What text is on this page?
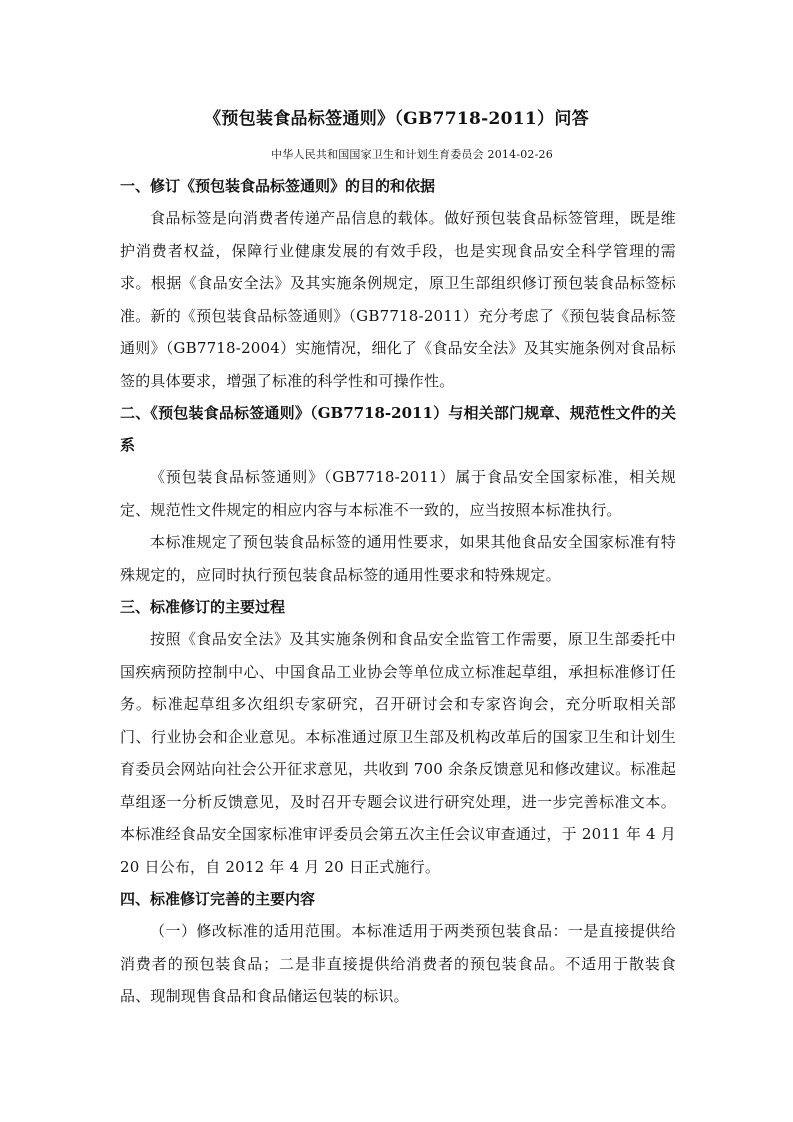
《预包装食品标签通则》（GB7718-2011）问答
中华人民共和国国家卫生和计划生育委员会 2014-02-26

一、修订《预包装食品标签通则》的目的和依据

食品标签是向消费者传递产品信息的载体。做好预包装食品标签管理，既是维护消费者权益，保障行业健康发展的有效手段，也是实现食品安全科学管理的需求。根据《食品安全法》及其实施条例规定，原卫生部组织修订预包装食品标签标准。新的《预包装食品标签通则》（GB7718-2011）充分考虑了《预包装食品标签通则》（GB7718-2004）实施情况，细化了《食品安全法》及其实施条例对食品标签的具体要求，增强了标准的科学性和可操作性。

二、《预包装食品标签通则》（GB7718-2011）与相关部门规章、规范性文件的关系

《预包装食品标签通则》（GB7718-2011）属于食品安全国家标准，相关规定、规范性文件规定的相应内容与本标准不一致的，应当按照本标准执行。

本标准规定了预包装食品标签的通用性要求，如果其他食品安全国家标准有特殊规定的，应同时执行预包装食品标签的通用性要求和特殊规定。

三、标准修订的主要过程

按照《食品安全法》及其实施条例和食品安全监管工作需要，原卫生部委托中国疾病预防控制中心、中国食品工业协会等单位成立标准起草组，承担标准修订任务。标准起草组多次组织专家研究，召开研讨会和专家咨询会，充分听取相关部门、行业协会和企业意见。本标准通过原卫生部及机构改革后的国家卫生和计划生育委员会网站向社会公开征求意见，共收到 700 余条反馈意见和修改建议。标准起草组逐一分析反馈意见，及时召开专题会议进行研究处理，进一步完善标准文本。本标准经食品安全国家标准审评委员会第五次主任会议审查通过，于 2011 年 4 月 20 日公布，自 2012 年 4 月 20 日正式施行。

四、标准修订完善的主要内容

（一）修改标准的适用范围。本标准适用于两类预包装食品：一是直接提供给消费者的预包装食品；二是非直接提供给消费者的预包装食品。不适用于散装食品、现制现售食品和食品储运包装的标识。
